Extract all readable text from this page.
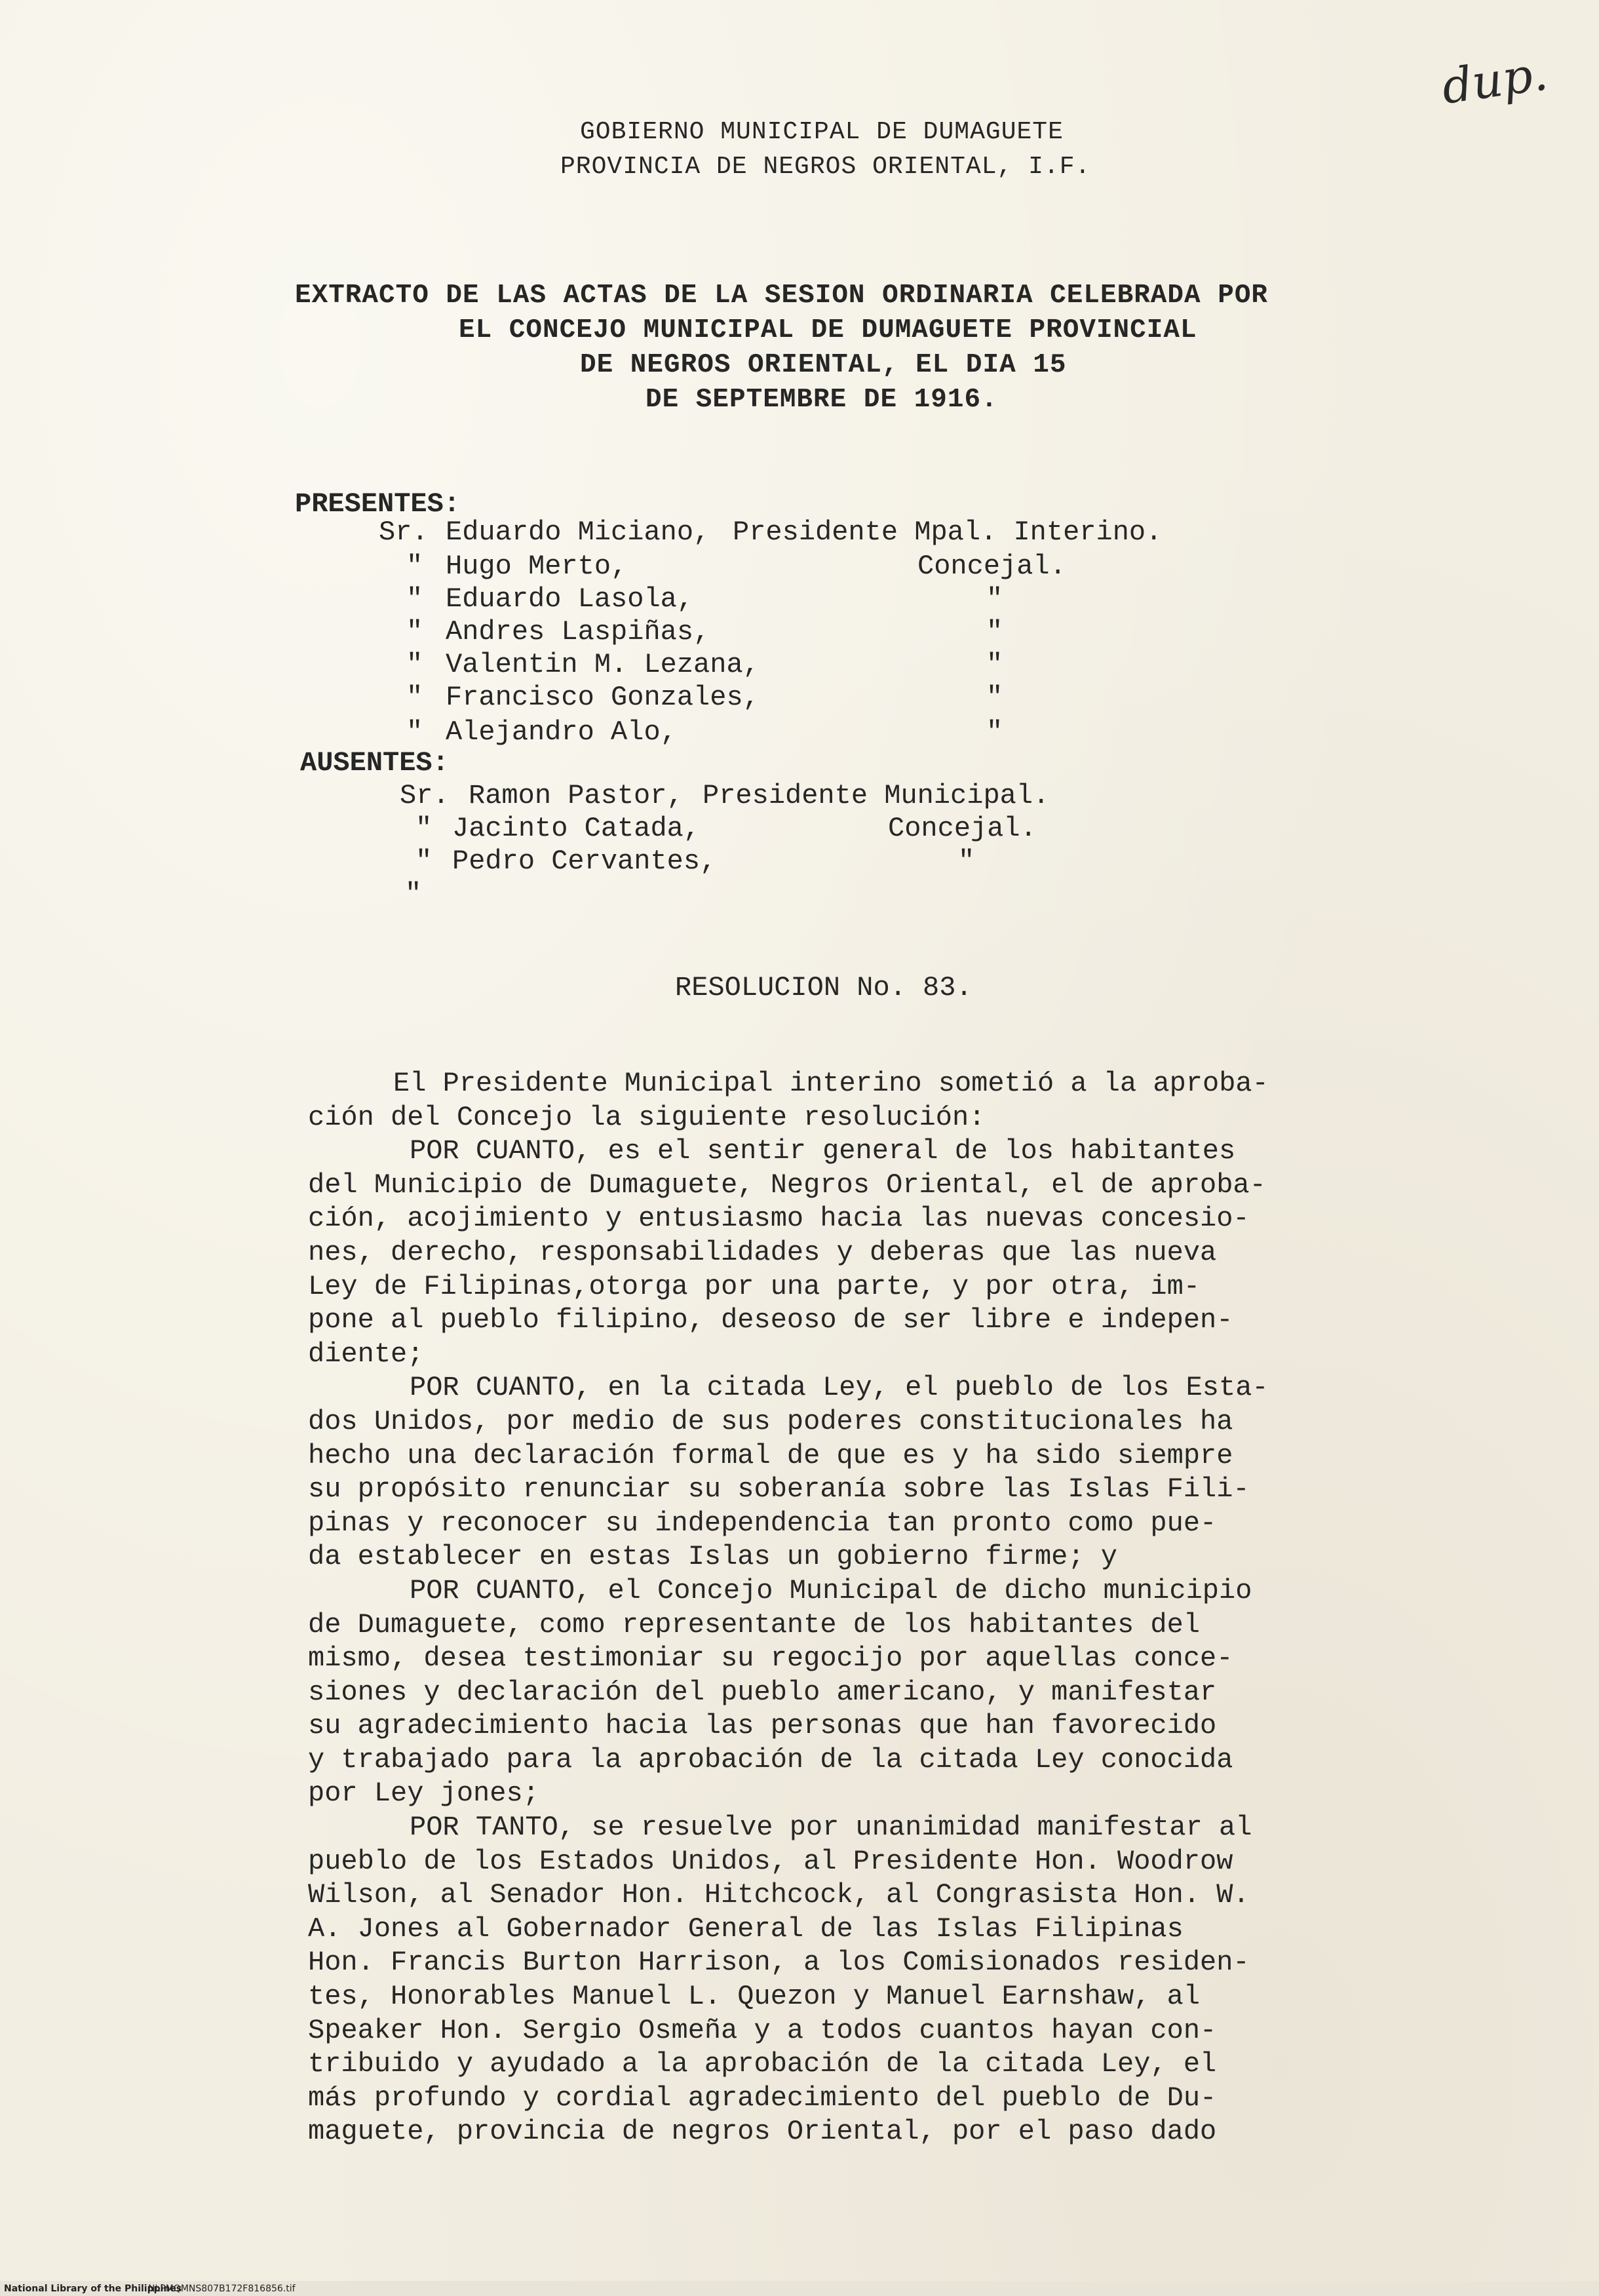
dup.
GOBIERNO MUNICIPAL DE DUMAGUETE
PROVINCIA DE NEGROS ORIENTAL, I.F.
EXTRACTO DE LAS ACTAS DE LA SESION ORDINARIA CELEBRADA POR
EL CONCEJO MUNICIPAL DE DUMAGUETE PROVINCIAL
DE NEGROS ORIENTAL, EL DIA 15
DE SEPTEMBRE DE 1916.
PRESENTES:
Sr. Eduardo Miciano, Presidente Mpal. Interino.
" Hugo Merto,	Concejal.
" Eduardo Lasola,	"
" Andres Laspiñas,	"
" Valentin M. Lezana,	"
" Francisco Gonzales,	"
" Alejandro Alo,	"
AUSENTES:
Sr. Ramon Pastor, Presidente Municipal.
" Jacinto Catada,	Concejal.
" Pedro Cervantes,	"
"
RESOLUCION No. 83.
El Presidente Municipal interino sometió a la aproba-
ción del Concejo la siguiente resolución:
POR CUANTO, es el sentir general de los habitantes
del Municipio de Dumaguete, Negros Oriental, el de aproba-
ción, acojimiento y entusiasmo hacia las nuevas concesio-
nes, derecho, responsabilidades y deberas que las nueva
Ley de Filipinas,otorga por una parte, y por otra, im-
pone al pueblo filipino, deseoso de ser libre e indepen-
diente;
POR CUANTO, en la citada Ley, el pueblo de los Esta-
dos Unidos, por medio de sus poderes constitucionales ha
hecho una declaración formal de que es y ha sido siempre
su propósito renunciar su soberanía sobre las Islas Fili-
pinas y reconocer su independencia tan pronto como pue-
da establecer en estas Islas un gobierno firme; y
POR CUANTO, el Concejo Municipal de dicho municipio
de Dumaguete, como representante de los habitantes del
mismo, desea testimoniar su regocijo por aquellas conce-
siones y declaración del pueblo americano, y manifestar
su agradecimiento hacia las personas que han favorecido
y trabajado para la aprobación de la citada Ley conocida
por Ley jones;
POR TANTO, se resuelve por unanimidad manifestar al
pueblo de los Estados Unidos, al Presidente Hon. Woodrow
Wilson, al Senador Hon. Hitchcock, al Congrasista Hon. W.
A. Jones al Gobernador General de las Islas Filipinas
Hon. Francis Burton Harrison, a los Comisionados residen-
tes, Honorables Manuel L. Quezon y Manuel Earnshaw, al
Speaker Hon. Sergio Osmeña y a todos cuantos hayan con-
tribuido y ayudado a la aprobación de la citada Ley, el
más profundo y cordial agradecimiento del pueblo de Du-
maguete, provincia de negros Oriental, por el paso dado
National Library of the Philippines
NLPMQMNS807B172F816856.tif
